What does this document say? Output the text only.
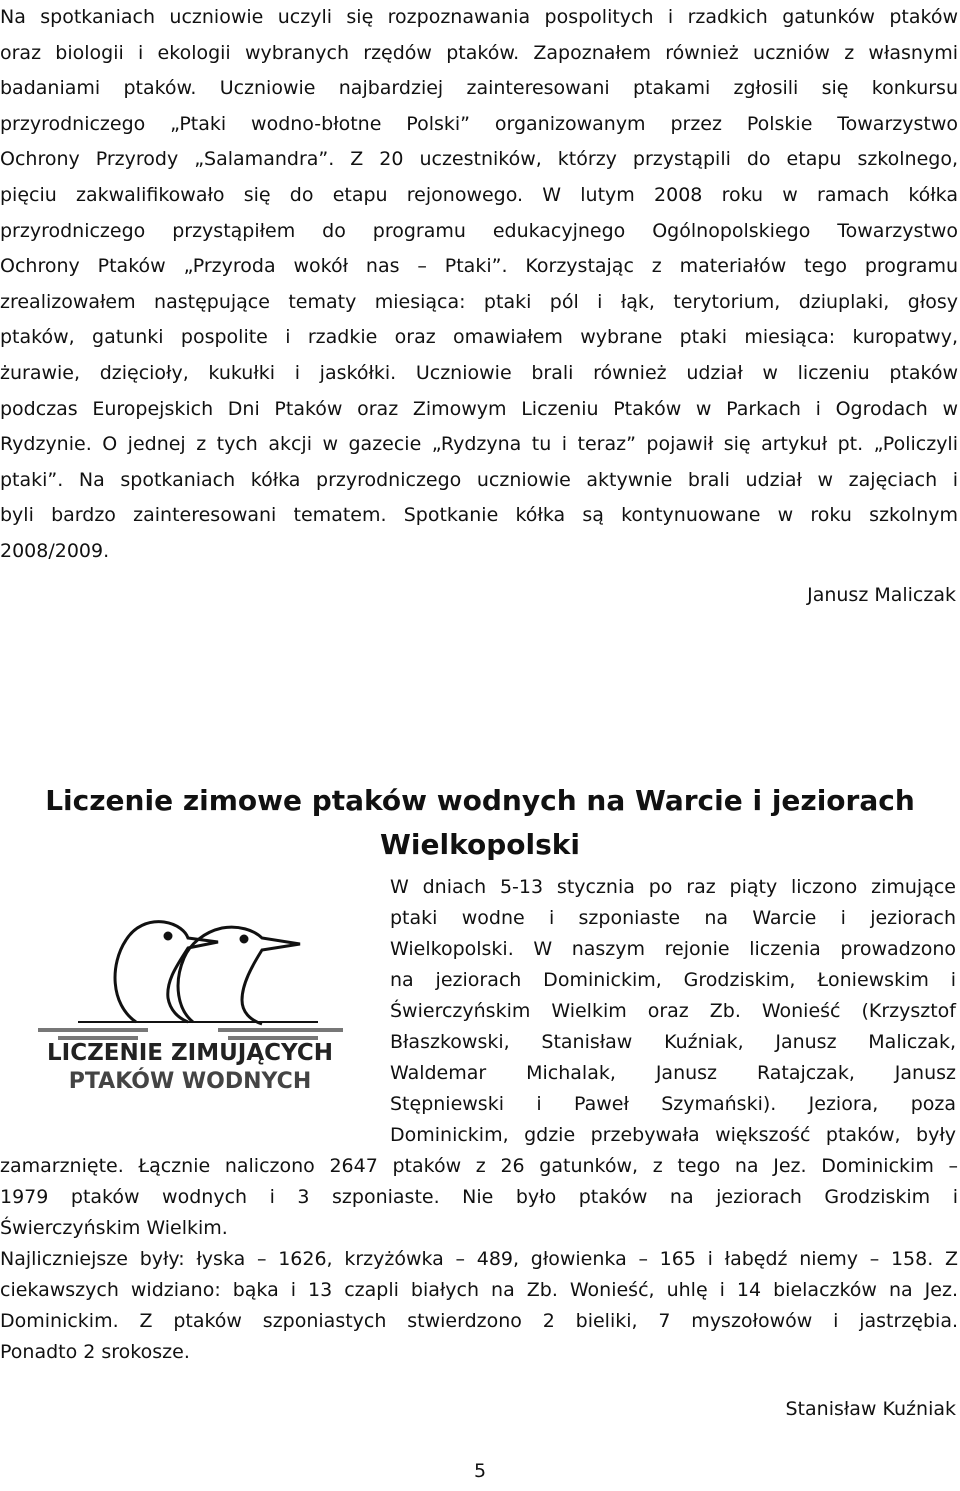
Na spotkaniach uczniowie uczyli się rozpoznawania pospolitych i rzadkich gatunków ptaków
oraz biologii i ekologii wybranych rzędów ptaków. Zapoznałem również uczniów z własnymi
badaniami ptaków. Uczniowie najbardziej zainteresowani ptakami zgłosili się konkursu
przyrodniczego „Ptaki wodno-błotne Polski” organizowanym przez Polskie Towarzystwo
Ochrony Przyrody „Salamandra”. Z 20 uczestników, którzy przystąpili do etapu szkolnego,
pięciu zakwalifikowało się do etapu rejonowego. W lutym 2008 roku w ramach kółka
przyrodniczego przystąpiłem do programu edukacyjnego Ogólnopolskiego Towarzystwo
Ochrony Ptaków „Przyroda wokół nas – Ptaki”. Korzystając z materiałów tego programu
zrealizowałem następujące tematy miesiąca: ptaki pól i łąk, terytorium, dziuplaki, głosy
ptaków, gatunki pospolite i rzadkie oraz omawiałem wybrane ptaki miesiąca: kuropatwy,
żurawie, dzięcioły, kukułki i jaskółki. Uczniowie brali również udział w liczeniu ptaków
podczas Europejskich Dni Ptaków oraz Zimowym Liczeniu Ptaków w Parkach i Ogrodach w
Rydzynie. O jednej z tych akcji w gazecie „Rydzyna tu i teraz” pojawił się artykuł pt. „Policzyli
ptaki”. Na spotkaniach kółka przyrodniczego uczniowie aktywnie brali udział w zajęciach i
byli bardzo zainteresowani tematem. Spotkanie kółka są kontynuowane w roku szkolnym
2008/2009.
Janusz Maliczak
Liczenie zimowe ptaków wodnych na Warcie i jeziorach
Wielkopolski
LICZENIE ZIMUJĄCYCH
PTAKÓW WODNYCH
W dniach 5-13 stycznia po raz piąty liczono zimujące
ptaki wodne i szponiaste na Warcie i jeziorach
Wielkopolski. W naszym rejonie liczenia prowadzono
na jeziorach Dominickim, Grodziskim, Łoniewskim i
Świerczyńskim Wielkim oraz Zb. Wonieść (Krzysztof
Błaszkowski, Stanisław Kuźniak, Janusz Maliczak,
Waldemar Michalak, Janusz Ratajczak, Janusz
Stępniewski i Paweł Szymański). Jeziora, poza
Dominickim, gdzie przebywała większość ptaków, były
zamarznięte. Łącznie naliczono 2647 ptaków z 26 gatunków, z tego na Jez. Dominickim –
1979 ptaków wodnych i 3 szponiaste. Nie było ptaków na jeziorach Grodziskim i
Świerczyńskim Wielkim.
Najliczniejsze były: łyska – 1626, krzyżówka – 489, głowienka – 165 i łabędź niemy – 158. Z
ciekawszych widziano: bąka i 13 czapli białych na Zb. Wonieść, uhlę i 14 bielaczków na Jez.
Dominickim. Z ptaków szponiastych stwierdzono 2 bieliki, 7 myszołowów i jastrzębia.
Ponadto 2 srokosze.
Stanisław Kuźniak
5
